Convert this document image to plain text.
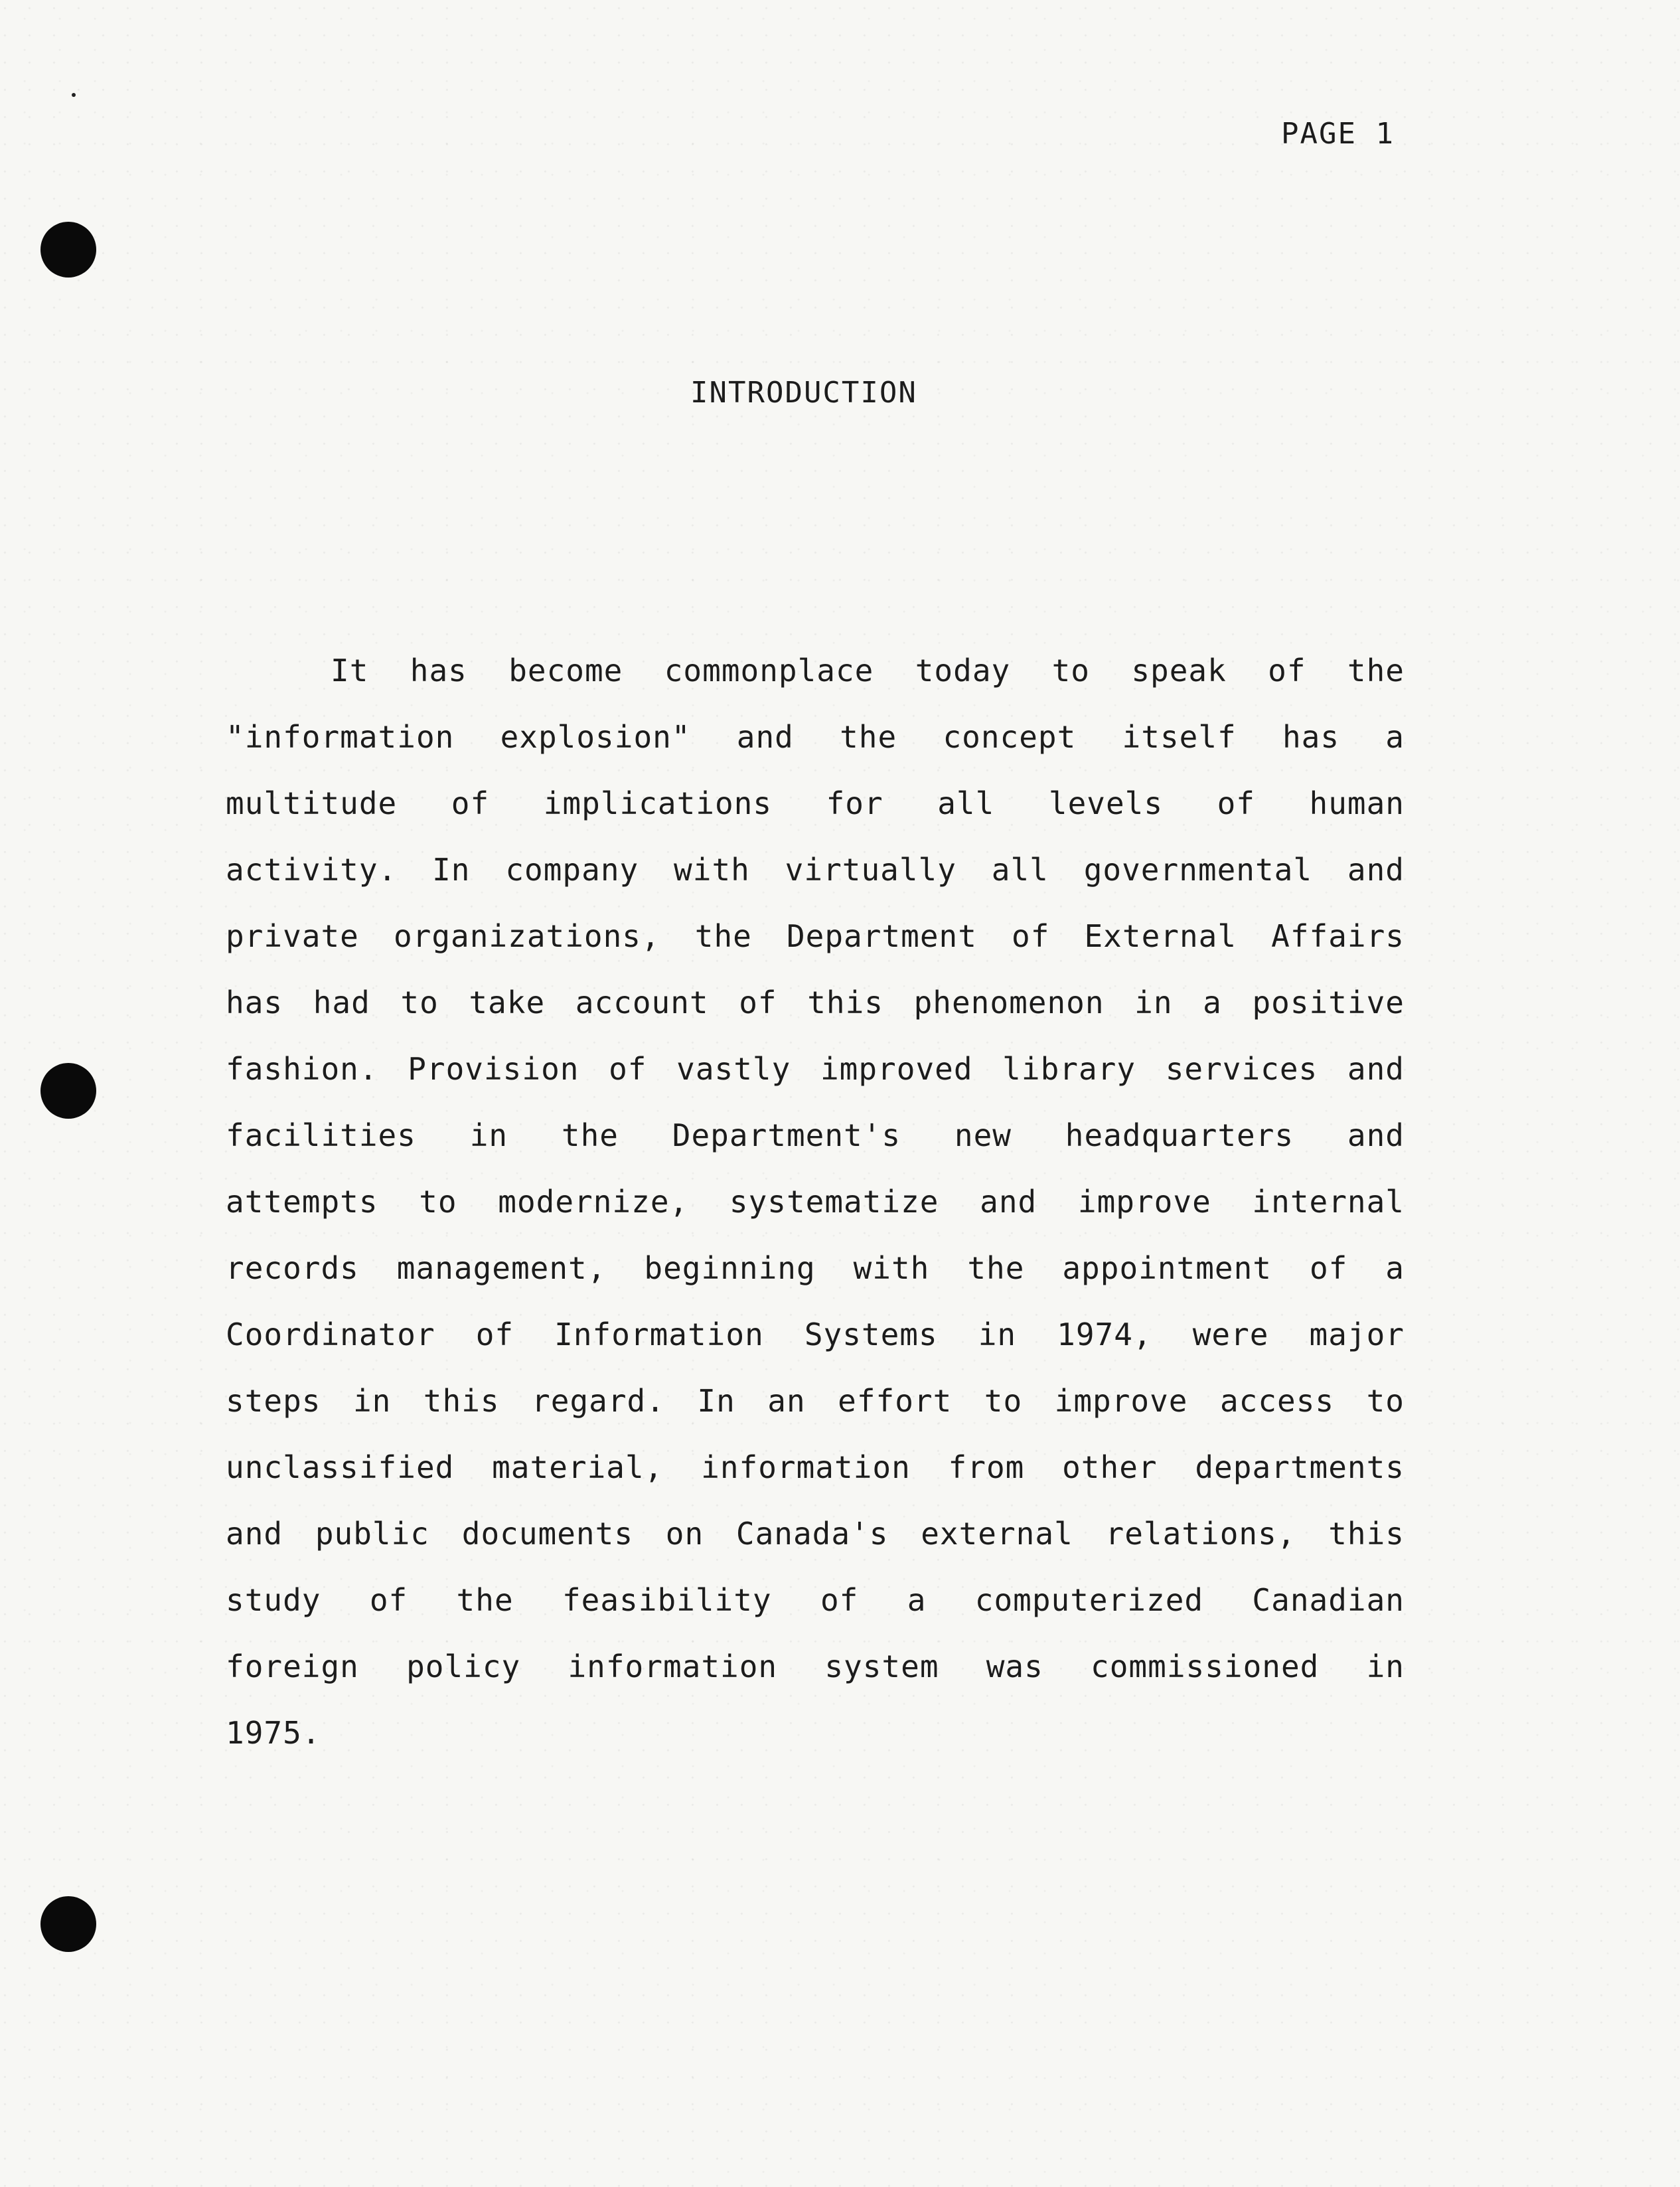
PAGE 1
INTRODUCTION
It has become commonplace today to speak of the
"information explosion" and the concept itself has a
multitude of implications for all levels of human
activity. In company with virtually all governmental and
private organizations, the Department of External Affairs
has had to take account of this phenomenon in a positive
fashion. Provision of vastly improved library services and
facilities in the Department's new headquarters and
attempts to modernize, systematize and improve internal
records management, beginning with the appointment of a
Coordinator of Information Systems in 1974, were major
steps in this regard. In an effort to improve access to
unclassified material, information from other departments
and public documents on Canada's external relations, this
study of the feasibility of a computerized Canadian
foreign policy information system was commissioned in
1975.
